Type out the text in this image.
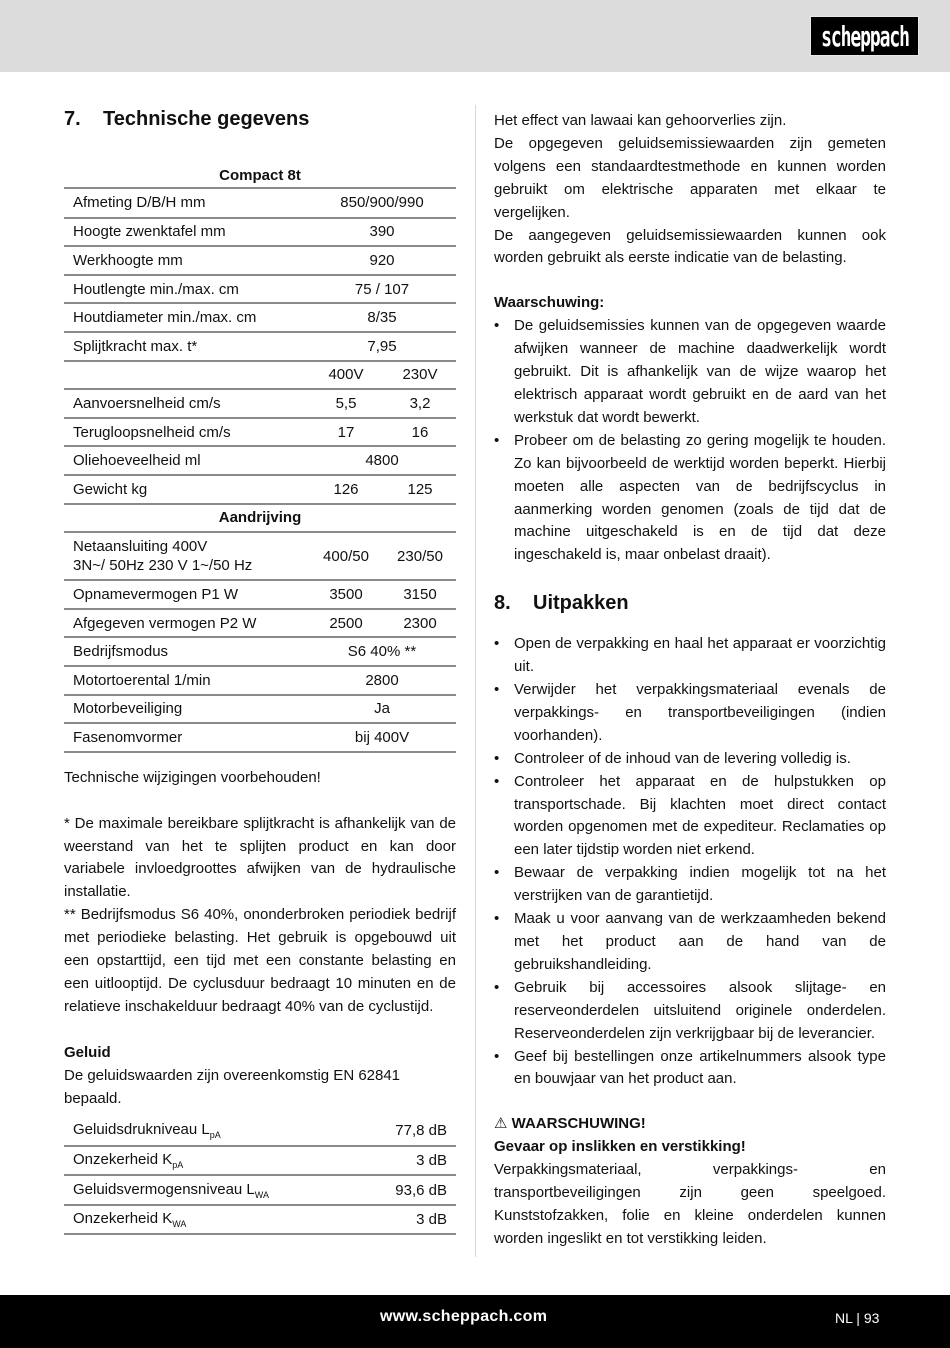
scheppach
7.	Technische gegevens
Compact 8t
Afmeting D/B/H mm	850/900/990	
Hoogte zwenktafel mm	390	
Werkhoogte mm	920	
Houtlengte min./max. cm	75 / 107	
Houtdiameter min./max. cm	8/35	
Splijtkracht max. t*	7,95	
	400V	230V
Aanvoersnelheid cm/s	5,5	3,2
Terugloopsnelheid cm/s	17	16
Oliehoeveelheid ml	4800	
Gewicht kg	126	125
Aandrijving		
Netaansluiting 400V
3N~/ 50Hz 230 V 1~/50 Hz	400/50	230/50
Opnamevermogen P1 W	3500	3150
Afgegeven vermogen P2 W	2500	2300
Bedrijfsmodus	S6 40% **	
Motortoerental 1/min	2800	
Motorbeveiliging	Ja	
Fasenomvormer	bij 400V	

Technische wijzigingen voorbehouden!

* De maximale bereikbare splijtkracht is afhankelijk van de weerstand van het te splijten product en kan door variabele invloedgroottes afwijken van de hydraulische installatie.

** Bedrijfsmodus S6 40%, ononderbroken periodiek bedrijf met periodieke belasting. Het gebruik is opgebouwd uit een opstarttijd, een tijd met een constante belasting en een uitlooptijd. De cyclusduur bedraagt 10 minuten en de relatieve inschakelduur bedraagt 40% van de cyclustijd.

Geluid

De geluidswaarden zijn overeenkomstig EN 62841 bepaald.

Geluidsdrukniveau $L_{pA}$	77,8 dB
Onzekerheid $K_{pA}$	3 dB
Geluidsvermogensniveau $L_{WA}$	93,6 dB
Onzekerheid $K_{WA}$	3 dB

Het effect van lawaai kan gehoorverlies zijn.

De opgegeven geluidsemissiewaarden zijn gemeten volgens een standaardtestmethode en kunnen worden gebruikt om elektrische apparaten met elkaar te vergelijken.

De aangegeven geluidsemissiewaarden kunnen ook worden gebruikt als eerste indicatie van de belasting.

Waarschuwing:

• De geluidsemissies kunnen van de opgegeven waarde afwijken wanneer de machine daadwerkelijk wordt gebruikt. Dit is afhankelijk van de wijze waarop het elektrisch apparaat wordt gebruikt en de aard van het werkstuk dat wordt bewerkt.
• Probeer om de belasting zo gering mogelijk te houden. Zo kan bijvoorbeeld de werktijd worden beperkt. Hierbij moeten alle aspecten van de bedrijfscyclus in aanmerking worden genomen (zoals de tijd dat de machine uitgeschakeld is en de tijd dat deze ingeschakeld is, maar onbelast draait).
8.	Uitpakken
• Open de verpakking en haal het apparaat er voorzichtig uit.
• Verwijder het verpakkingsmateriaal evenals de verpakkings- en transportbeveiligingen (indien voorhanden).
• Controleer of de inhoud van de levering volledig is.
• Controleer het apparaat en de hulpstukken op transportschade. Bij klachten moet direct contact worden opgenomen met de expediteur. Reclamaties op een later tijdstip worden niet erkend.
• Bewaar de verpakking indien mogelijk tot na het verstrijken van de garantietijd.
• Maak u voor aanvang van de werkzaamheden bekend met het product aan de hand van de gebruikshandleiding.
• Gebruik bij accessoires alsook slijtage- en reserveonderdelen uitsluitend originele onderdelen. Reserveonderdelen zijn verkrijgbaar bij de leverancier.
• Geef bij bestellingen onze artikelnummers alsook type en bouwjaar van het product aan.

⚠ WAARSCHUWING!

Gevaar op inslikken en verstikking!

Verpakkingsmateriaal, verpakkings- en transportbeveiligingen zijn geen speelgoed. Kunststofzakken, folie en kleine onderdelen kunnen worden ingeslikt en tot verstikking leiden.

www.scheppach.com	NL | 93
